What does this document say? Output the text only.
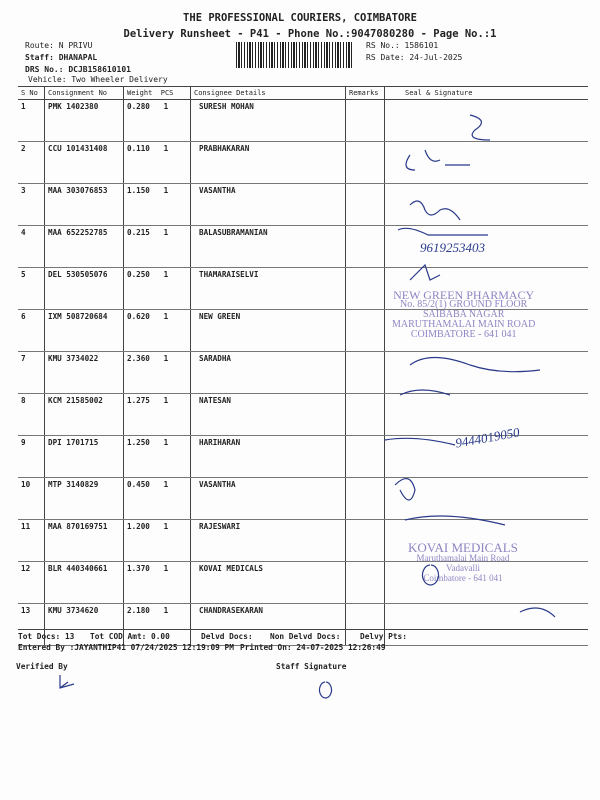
THE PROFESSIONAL COURIERS, COIMBATORE
Delivery Runsheet - P41 - Phone No.:9047080280 - Page No.:1
Route: N PRIVU
Staff: DHANAPAL
DRS No.: DCJB158610101
Vehicle: Two Wheeler Delivery
RS No.: 1586101
RS Date: 24-Jul-2025
S No	Consignment No	Weight PCS	Consignee Details	Remarks	Seal & Signature
1	PMK 1402380	0.280 1	SURESH MOHAN		
2	CCU 101431408	0.110 1	PRABHAKARAN		
3	MAA 303076853	1.150 1	VASANTHA		
4	MAA 652252785	0.215 1	BALASUBRAMANIAN		
5	DEL 530505076	0.250 1	THAMARAISELVI		
6	IXM 508720684	0.620 1	NEW GREEN		
7	KMU 3734022	2.360 1	SARADHA		
8	KCM 21585002	1.275 1	NATESAN		
9	DPI 1701715	1.250 1	HARIHARAN		
10	MTP 3140829	0.450 1	VASANTHA		
11	MAA 870169751	1.200 1	RAJESWARI		
12	BLR 440340661	1.370 1	KOVAI MEDICALS		
13	KMU 3734620	2.180 1	CHANDRASEKARAN		
NEW GREEN PHARMACY
No. 85/2(1) GROUND FLOOR
SAIBABA NAGAR
MARUTHAMALAI MAIN ROAD
COIMBATORE - 641 041
KOVAI MEDICALS
Maruthamalai Main Road
Vadavalli
Coimbatore - 641 041
9619253403
9444019050
Tot Docs: 13 Tot COD Amt: 0.00	Delvd Docs: Non Delvd Docs:	Delvy Pts:
Entered By :JAYANTHIP41 07/24/2025 12:19:09 PM Printed On: 24-07-2025 12:26:49
Verified By	Staff Signature
